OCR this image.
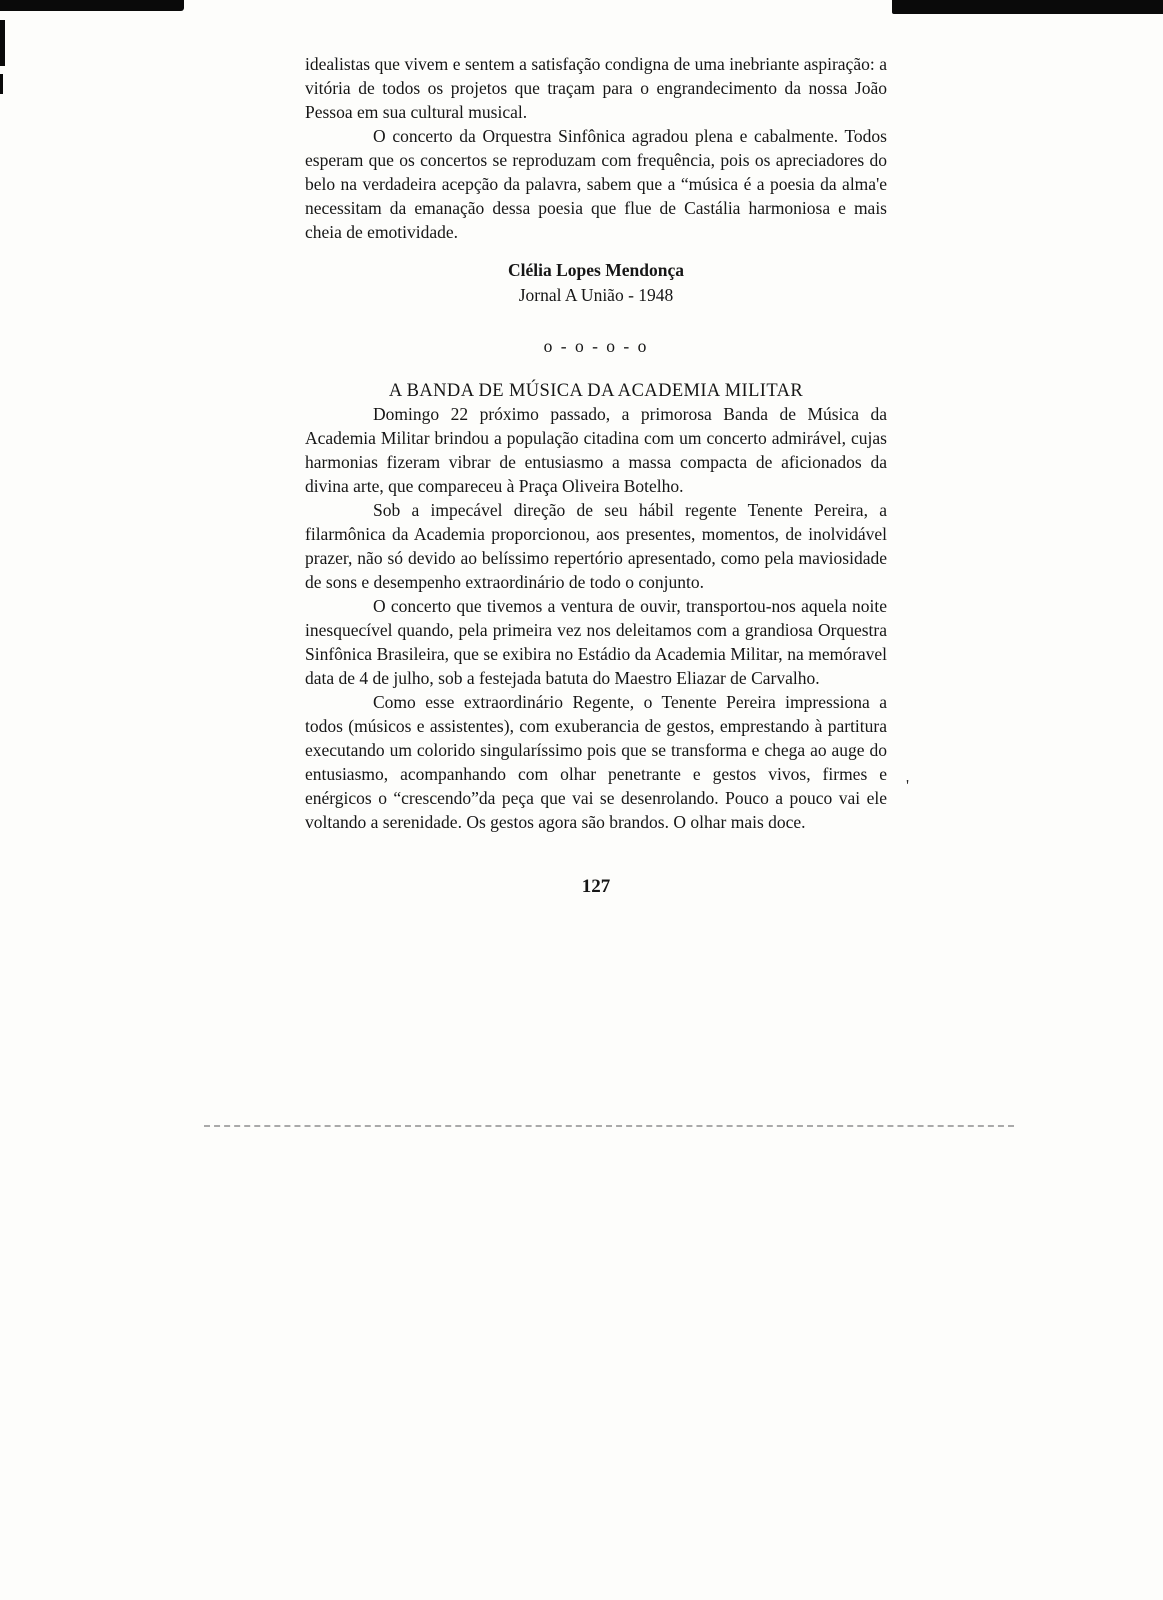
idealistas que vivem e sentem a satisfação condigna de uma inebriante aspiração: a vitória de todos os projetos que traçam para o engrandecimento da nossa João Pessoa em sua cultural musical.

O concerto da Orquestra Sinfônica agradou plena e cabalmente. Todos esperam que os concertos se reproduzam com frequência, pois os apreciadores do belo na verdadeira acepção da palavra, sabem que a “música é a poesia da alma'e necessitam da emanação dessa poesia que flue de Castália harmoniosa e mais cheia de emotividade.

Clélia Lopes Mendonça
Jornal A União - 1948
o - o - o - o
A BANDA DE MÚSICA DA ACADEMIA MILITAR

Domingo 22 próximo passado, a primorosa Banda de Música da Academia Militar brindou a população citadina com um concerto admirável, cujas harmonias fizeram vibrar de entusiasmo a massa compacta de aficionados da divina arte, que compareceu à Praça Oliveira Botelho.

Sob a impecável direção de seu hábil regente Tenente Pereira, a filarmônica da Academia proporcionou, aos presentes, momentos, de inolvidável prazer, não só devido ao belíssimo repertório apresentado, como pela maviosidade de sons e desempenho extraordinário de todo o conjunto.

O concerto que tivemos a ventura de ouvir, transportou-nos aquela noite inesquecível quando, pela primeira vez nos deleitamos com a grandiosa Orquestra Sinfônica Brasileira, que se exibira no Estádio da Academia Militar, na memóravel data de 4 de julho, sob a festejada batuta do Maestro Eliazar de Carvalho.

Como esse extraordinário Regente, o Tenente Pereira impressiona a todos (músicos e assistentes), com exuberancia de gestos, emprestando à partitura executando um colorido singularíssimo pois que se transforma e chega ao auge do entusiasmo, acompanhando com olhar penetrante e gestos vivos, firmes e enérgicos o “crescendo”da peça que vai se desenrolando. Pouco a pouco vai ele voltando a serenidade. Os gestos agora são brandos. O olhar mais doce.

127
'
